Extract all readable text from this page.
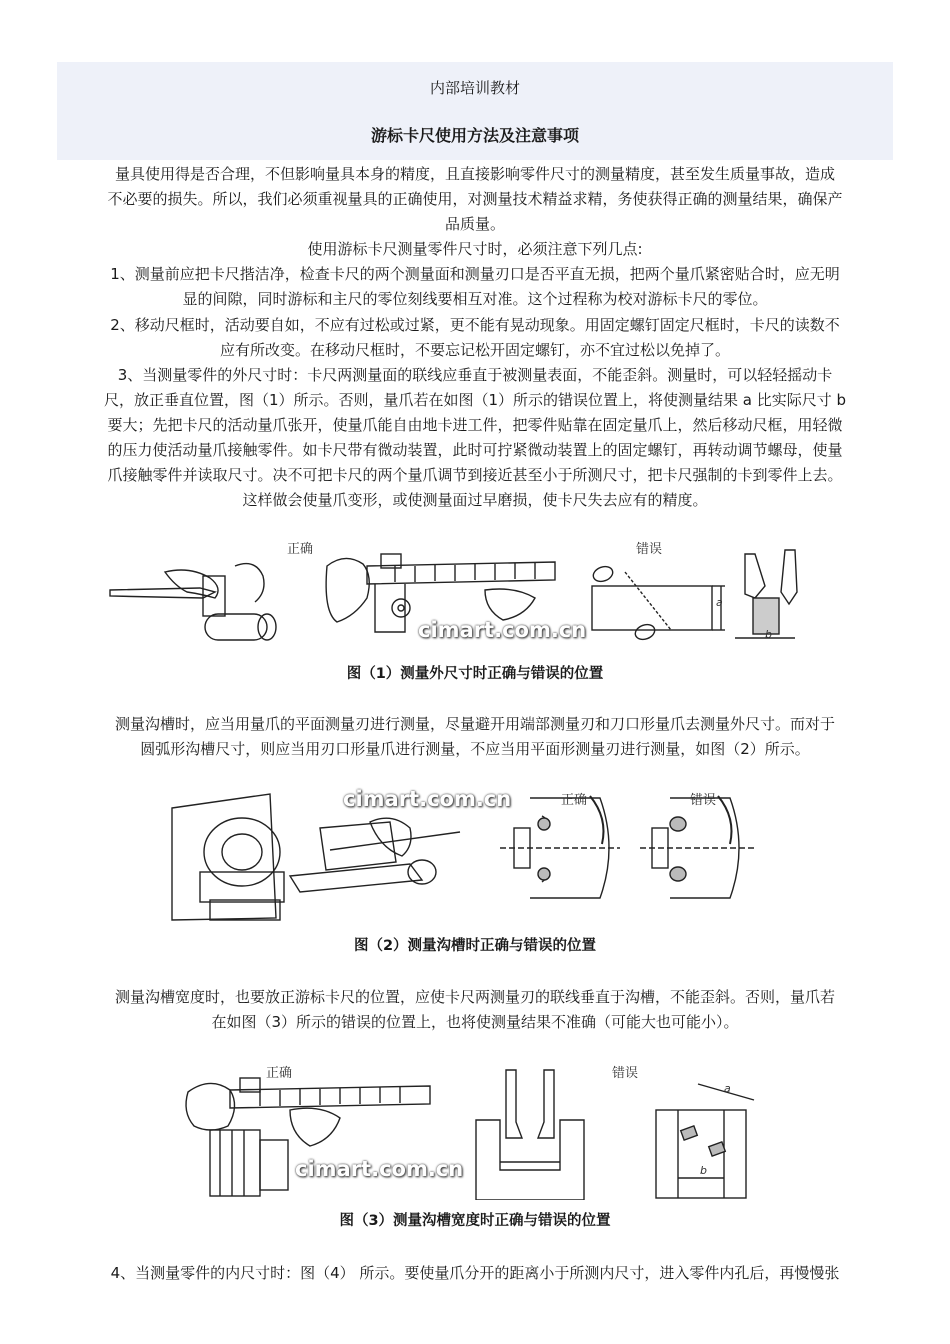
内部培训教材
游标卡尺使用方法及注意事项
量具使用得是否合理，不但影响量具本身的精度，且直接影响零件尺寸的测量精度，甚至发生质量事故，造成
不必要的损失。所以，我们必须重视量具的正确使用，对测量技术精益求精，务使获得正确的测量结果，确保产
品质量。
使用游标卡尺测量零件尺寸时，必须注意下列几点:
1、测量前应把卡尺揩洁净，检查卡尺的两个测量面和测量刃口是否平直无损，把两个量爪紧密贴合时，应无明
显的间隙，同时游标和主尺的零位刻线要相互对准。这个过程称为校对游标卡尺的零位。
2、移动尺框时，活动要自如，不应有过松或过紧，更不能有晃动现象。用固定螺钉固定尺框时，卡尺的读数不
应有所改变。在移动尺框时，不要忘记松开固定螺钉，亦不宜过松以免掉了。
3、当测量零件的外尺寸时：卡尺两测量面的联线应垂直于被测量表面，不能歪斜。测量时，可以轻轻摇动卡
尺，放正垂直位置，图（1）所示。否则，量爪若在如图（1）所示的错误位置上，将使测量结果 a 比实际尺寸 b
要大；先把卡尺的活动量爪张开，使量爪能自由地卡进工件，把零件贴靠在固定量爪上，然后移动尺框，用轻微
的压力使活动量爪接触零件。如卡尺带有微动装置，此时可拧紧微动装置上的固定螺钉，再转动调节螺母，使量
爪接触零件并读取尺寸。决不可把卡尺的两个量爪调节到接近甚至小于所测尺寸，把卡尺强制的卡到零件上去。
这样做会使量爪变形，或使测量面过早磨损，使卡尺失去应有的精度。
正确	错误
a
b
cimart.com.cn
图（1）测量外尺寸时正确与错误的位置
测量沟槽时，应当用量爪的平面测量刃进行测量，尽量避开用端部测量刃和刀口形量爪去测量外尺寸。而对于
圆弧形沟槽尺寸，则应当用刃口形量爪进行测量，不应当用平面形测量刃进行测量，如图（2）所示。
cimart.com.cn	正确	错误
图（2）测量沟槽时正确与错误的位置
测量沟槽宽度时，也要放正游标卡尺的位置，应使卡尺两测量刃的联线垂直于沟槽，不能歪斜。否则，量爪若
在如图（3）所示的错误的位置上，也将使测量结果不准确（可能大也可能小）。
正确	错误
a
b
cimart.com.cn
图（3）测量沟槽宽度时正确与错误的位置
4、当测量零件的内尺寸时：图（4） 所示。要使量爪分开的距离小于所测内尺寸，进入零件内孔后，再慢慢张
